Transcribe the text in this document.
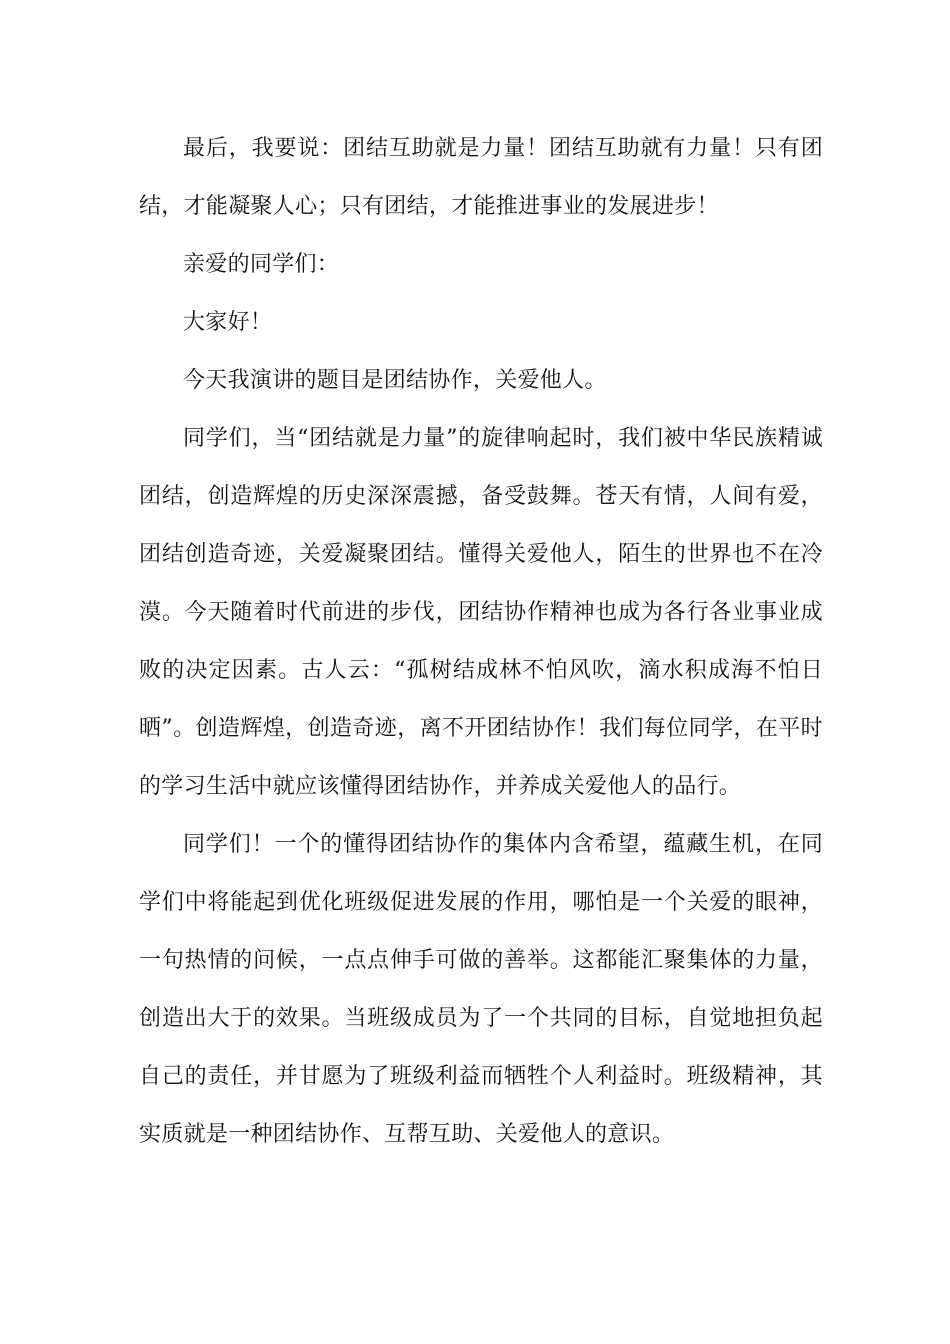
最后，我要说：团结互助就是力量！团结互助就有力量！只有团结，才能凝聚人心；只有团结，才能推进事业的发展进步！

亲爱的同学们：

大家好！

今天我演讲的题目是团结协作，关爱他人。

同学们，当“团结就是力量”的旋律响起时，我们被中华民族精诚团结，创造辉煌的历史深深震撼，备受鼓舞。苍天有情，人间有爱，团结创造奇迹，关爱凝聚团结。懂得关爱他人，陌生的世界也不在冷漠。今天随着时代前进的步伐，团结协作精神也成为各行各业事业成败的决定因素。古人云：“孤树结成林不怕风吹，滴水积成海不怕日晒”。创造辉煌，创造奇迹，离不开团结协作！我们每位同学，在平时的学习生活中就应该懂得团结协作，并养成关爱他人的品行。

同学们！一个的懂得团结协作的集体内含希望，蕴藏生机，在同学们中将能起到优化班级促进发展的作用，哪怕是一个关爱的眼神，一句热情的问候，一点点伸手可做的善举。这都能汇聚集体的力量，创造出大于的效果。当班级成员为了一个共同的目标，自觉地担负起自己的责任，并甘愿为了班级利益而牺牲个人利益时。班级精神，其实质就是一种团结协作、互帮互助、关爱他人的意识。
